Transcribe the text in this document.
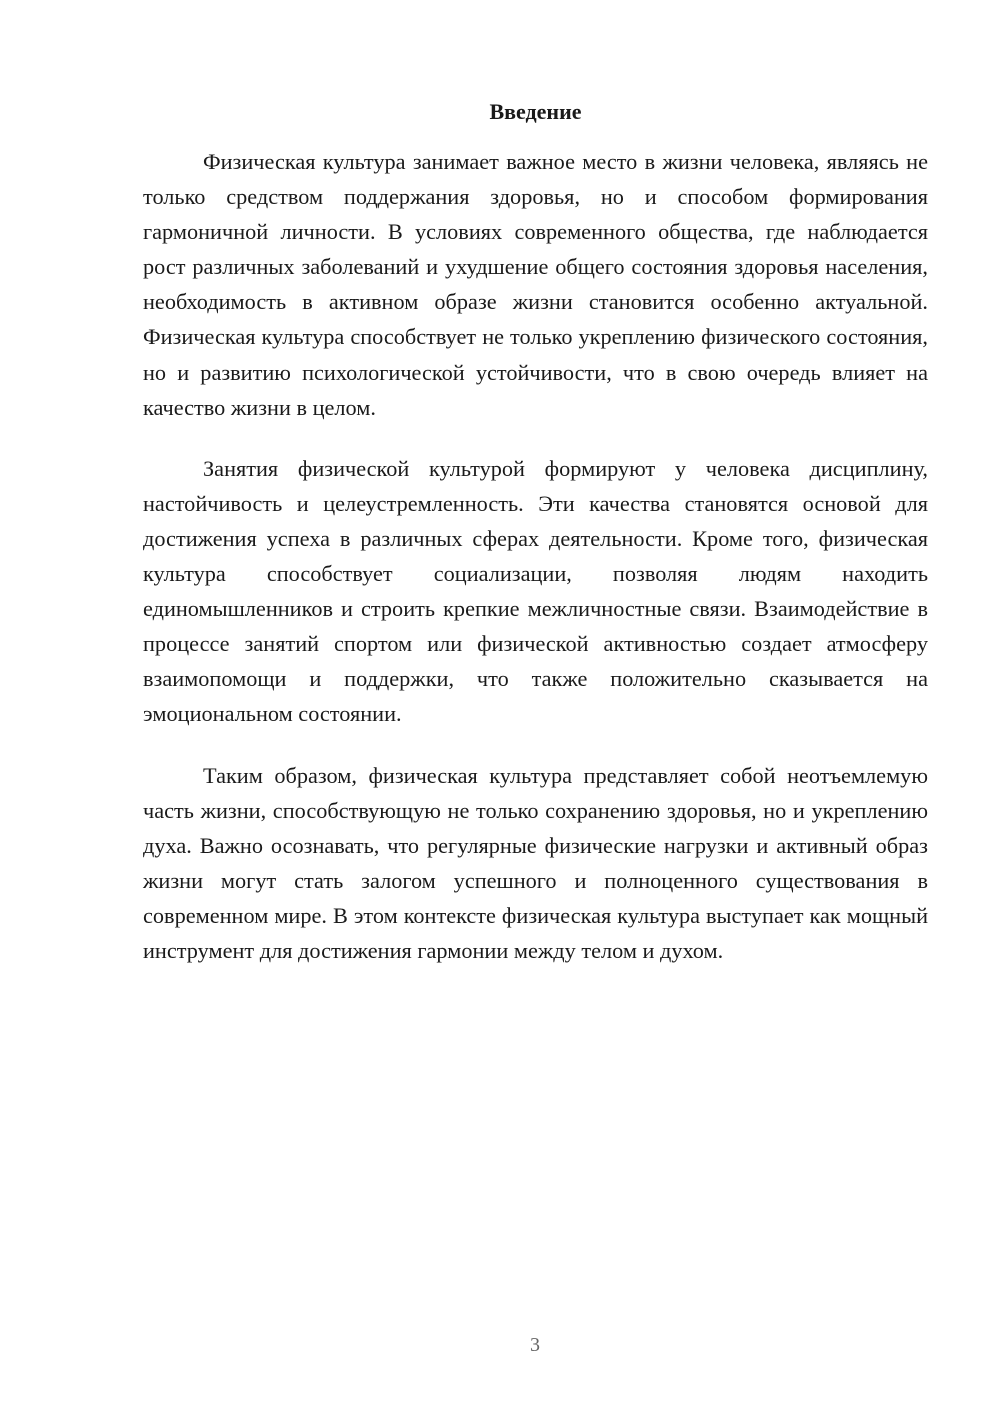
Введение

Физическая культура занимает важное место в жизни человека, являясь не только средством поддержания здоровья, но и способом формирования гармоничной личности. В условиях современного общества, где наблюдается рост различных заболеваний и ухудшение общего состояния здоровья населения, необходимость в активном образе жизни становится особенно актуальной. Физическая культура способствует не только укреплению физического состояния, но и развитию психологической устойчивости, что в свою очередь влияет на качество жизни в целом.

Занятия физической культурой формируют у человека дисциплину, настойчивость и целеустремленность. Эти качества становятся основой для достижения успеха в различных сферах деятельности. Кроме того, физическая культура способствует социализации, позволяя людям находить единомышленников и строить крепкие межличностные связи. Взаимодействие в процессе занятий спортом или физической активностью создает атмосферу взаимопомощи и поддержки, что также положительно сказывается на эмоциональном состоянии.

Таким образом, физическая культура представляет собой неотъемлемую часть жизни, способствующую не только сохранению здоровья, но и укреплению духа. Важно осознавать, что регулярные физические нагрузки и активный образ жизни могут стать залогом успешного и полноценного существования в современном мире. В этом контексте физическая культура выступает как мощный инструмент для достижения гармонии между телом и духом.

3
